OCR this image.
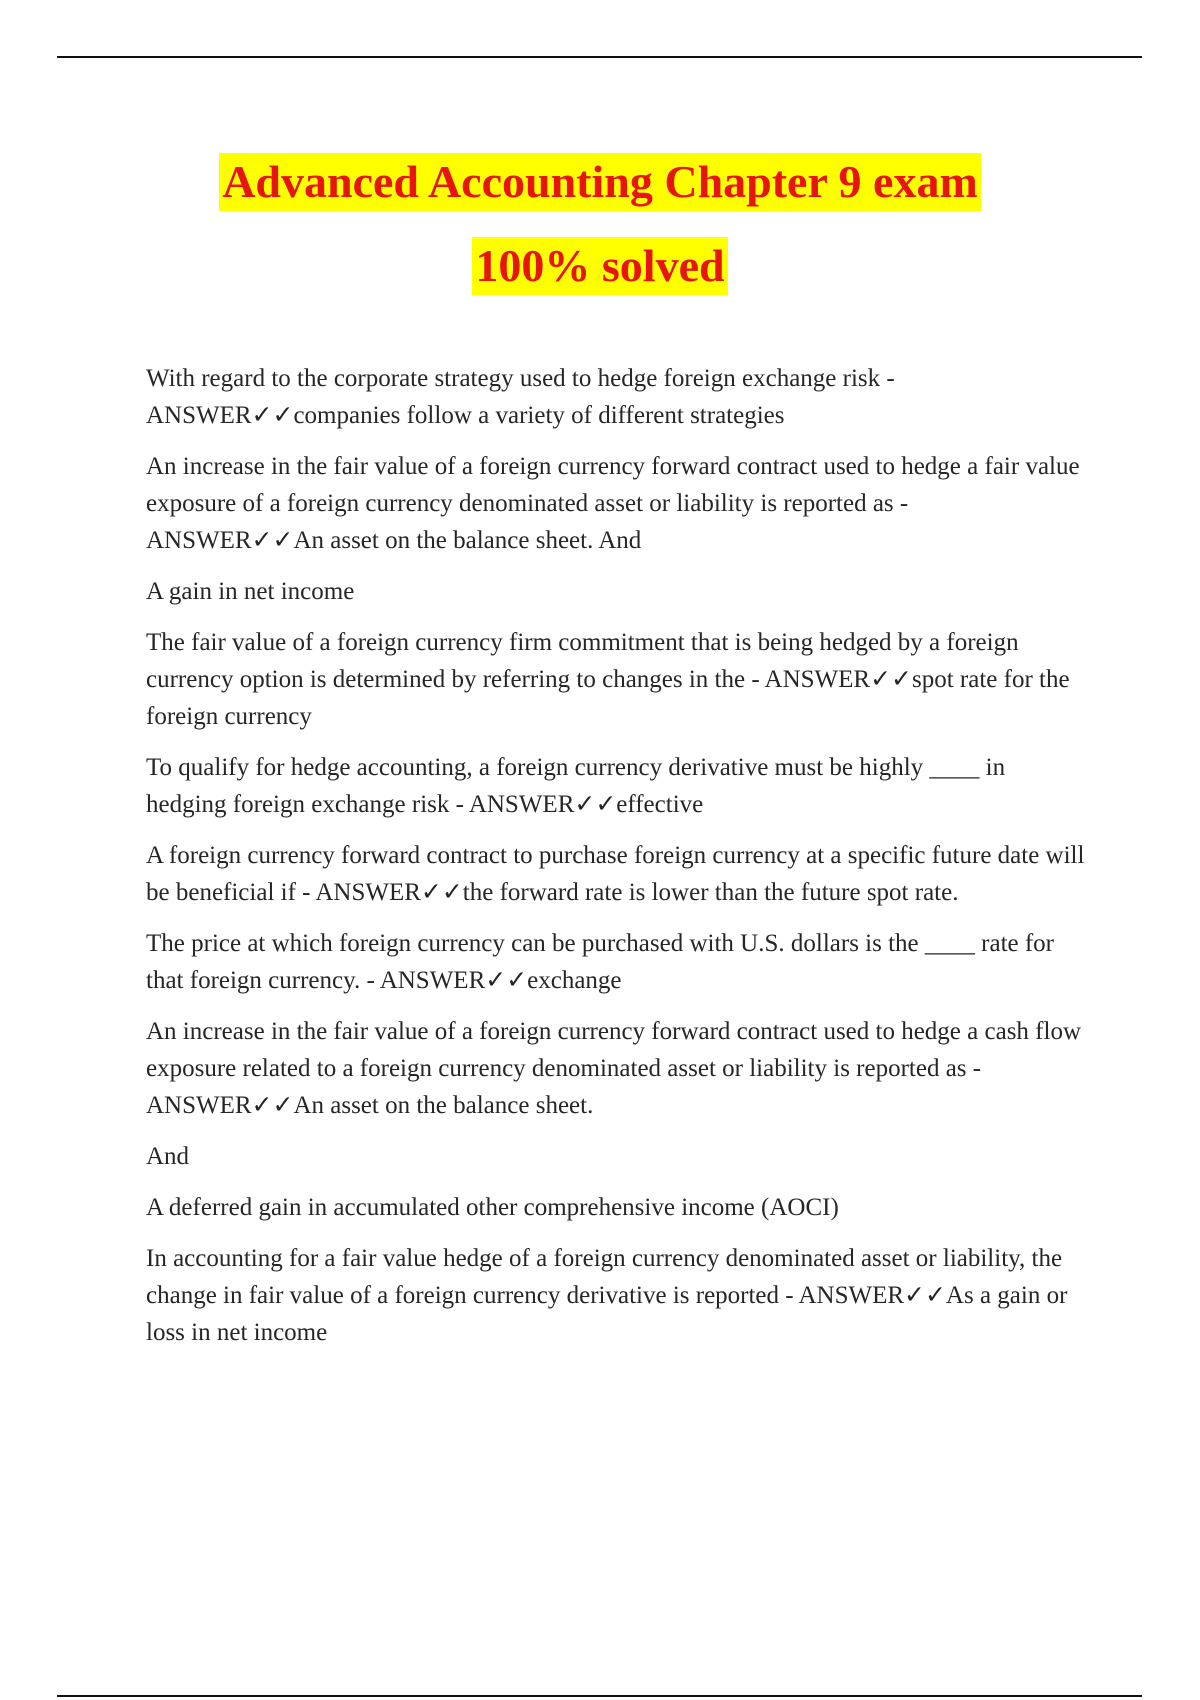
Advanced Accounting Chapter 9 exam
100% solved

With regard to the corporate strategy used to hedge foreign exchange risk - ANSWER✓✓companies follow a variety of different strategies

An increase in the fair value of a foreign currency forward contract used to hedge a fair value exposure of a foreign currency denominated asset or liability is reported as - ANSWER✓✓An asset on the balance sheet. And

A gain in net income

The fair value of a foreign currency firm commitment that is being hedged by a foreign currency option is determined by referring to changes in the - ANSWER✓✓spot rate for the foreign currency

To qualify for hedge accounting, a foreign currency derivative must be highly ____ in hedging foreign exchange risk - ANSWER✓✓effective

A foreign currency forward contract to purchase foreign currency at a specific future date will be beneficial if - ANSWER✓✓the forward rate is lower than the future spot rate.

The price at which foreign currency can be purchased with U.S. dollars is the ____ rate for that foreign currency. - ANSWER✓✓exchange

An increase in the fair value of a foreign currency forward contract used to hedge a cash flow exposure related to a foreign currency denominated asset or liability is reported as - ANSWER✓✓An asset on the balance sheet.

And

A deferred gain in accumulated other comprehensive income (AOCI)

In accounting for a fair value hedge of a foreign currency denominated asset or liability, the change in fair value of a foreign currency derivative is reported - ANSWER✓✓As a gain or loss in net income
